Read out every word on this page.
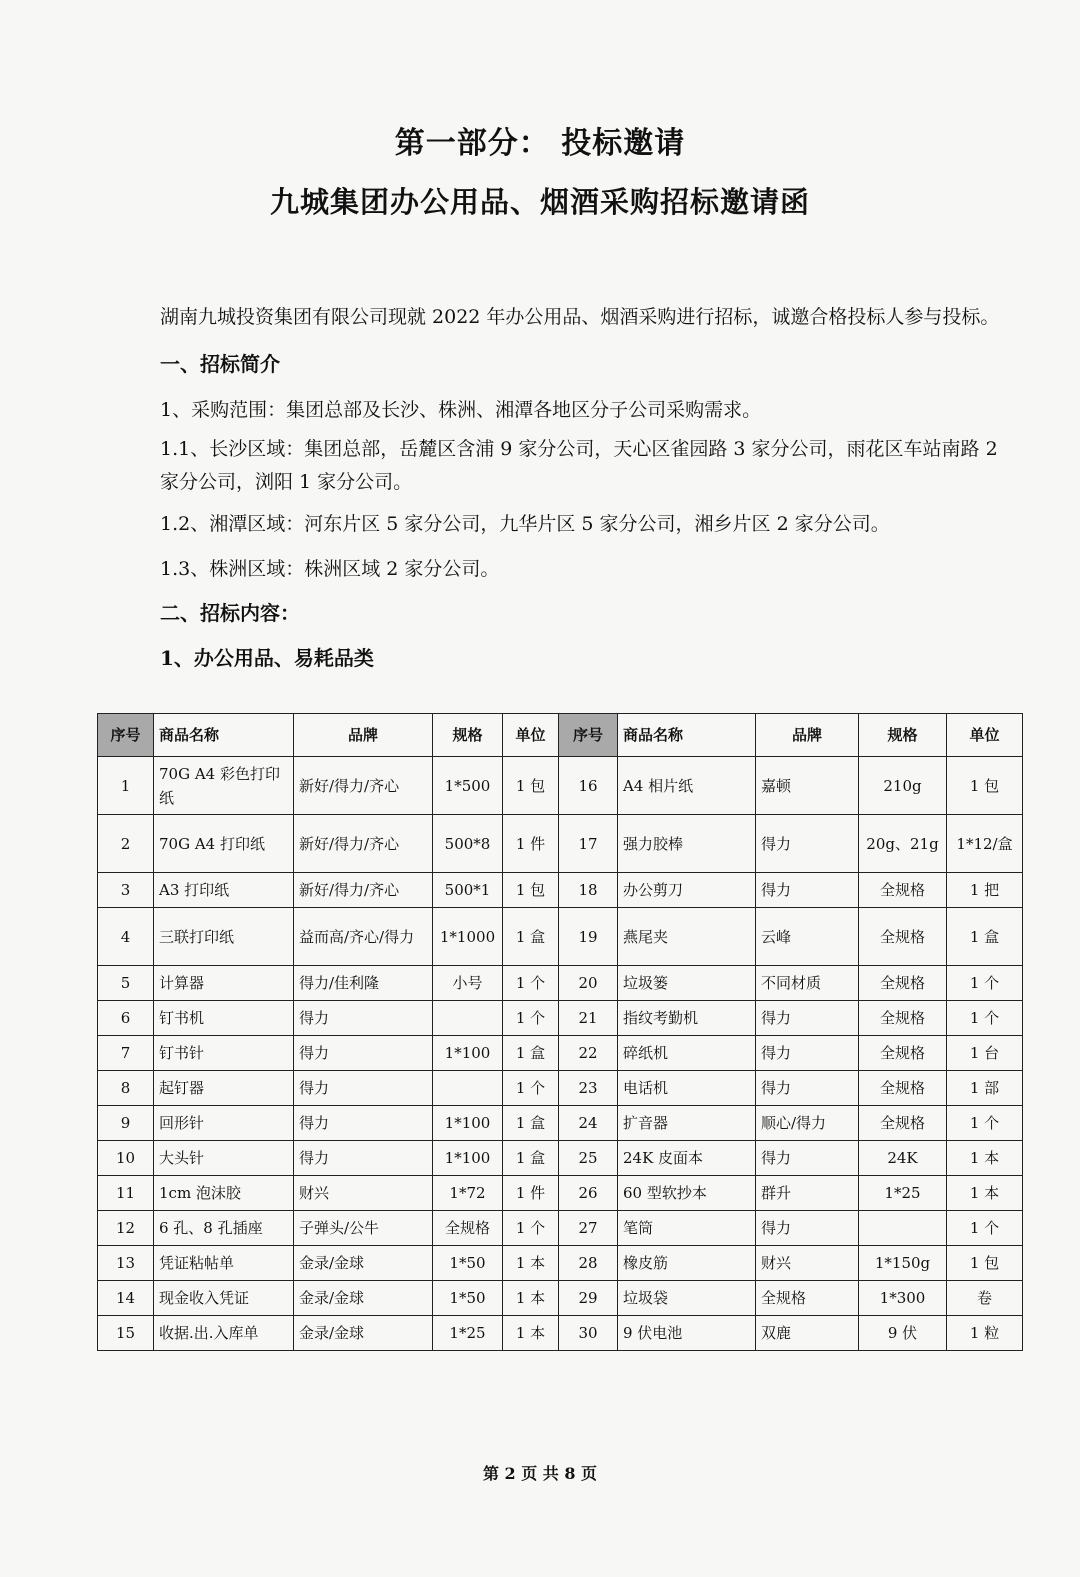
第一部分： 投标邀请
九城集团办公用品、烟酒采购招标邀请函
湖南九城投资集团有限公司现就 2022 年办公用品、烟酒采购进行招标，诚邀合格投标人参与投标。
一、招标简介
1、采购范围：集团总部及长沙、株洲、湘潭各地区分子公司采购需求。
1.1、长沙区域：集团总部，岳麓区含浦 9 家分公司，天心区雀园路 3 家分公司，雨花区车站南路 2 家分公司，浏阳 1 家分公司。
1.2、湘潭区域：河东片区 5 家分公司，九华片区 5 家分公司，湘乡片区 2 家分公司。
1.3、株洲区域：株洲区域 2 家分公司。
二、招标内容：
1、办公用品、易耗品类
序号	商品名称	品牌	规格	单位	序号	商品名称	品牌	规格	单位
1	70G A4 彩色打印纸	新好/得力/齐心	1*500	1 包	16	A4 相片纸	嘉顿	210g	1 包
2	70G A4 打印纸	新好/得力/齐心	500*8	1 件	17	强力胶棒	得力	20g、21g	1*12/盒
3	A3 打印纸	新好/得力/齐心	500*1	1 包	18	办公剪刀	得力	全规格	1 把
4	三联打印纸	益而高/齐心/得力	1*1000	1 盒	19	燕尾夹	云峰	全规格	1 盒
5	计算器	得力/佳利隆	小号	1 个	20	垃圾篓	不同材质	全规格	1 个
6	钉书机	得力		1 个	21	指纹考勤机	得力	全规格	1 个
7	钉书针	得力	1*100	1 盒	22	碎纸机	得力	全规格	1 台
8	起钉器	得力		1 个	23	电话机	得力	全规格	1 部
9	回形针	得力	1*100	1 盒	24	扩音器	顺心/得力	全规格	1 个
10	大头针	得力	1*100	1 盒	25	24K 皮面本	得力	24K	1 本
11	1cm 泡沫胶	财兴	1*72	1 件	26	60 型软抄本	群升	1*25	1 本
12	6 孔、8 孔插座	子弹头/公牛	全规格	1 个	27	笔筒	得力		1 个
13	凭证粘帖单	金录/金球	1*50	1 本	28	橡皮筋	财兴	1*150g	1 包
14	现金收入凭证	金录/金球	1*50	1 本	29	垃圾袋	全规格	1*300	卷
15	收据.出.入库单	金录/金球	1*25	1 本	30	9 伏电池	双鹿	9 伏	1 粒
第 2 页 共 8 页
